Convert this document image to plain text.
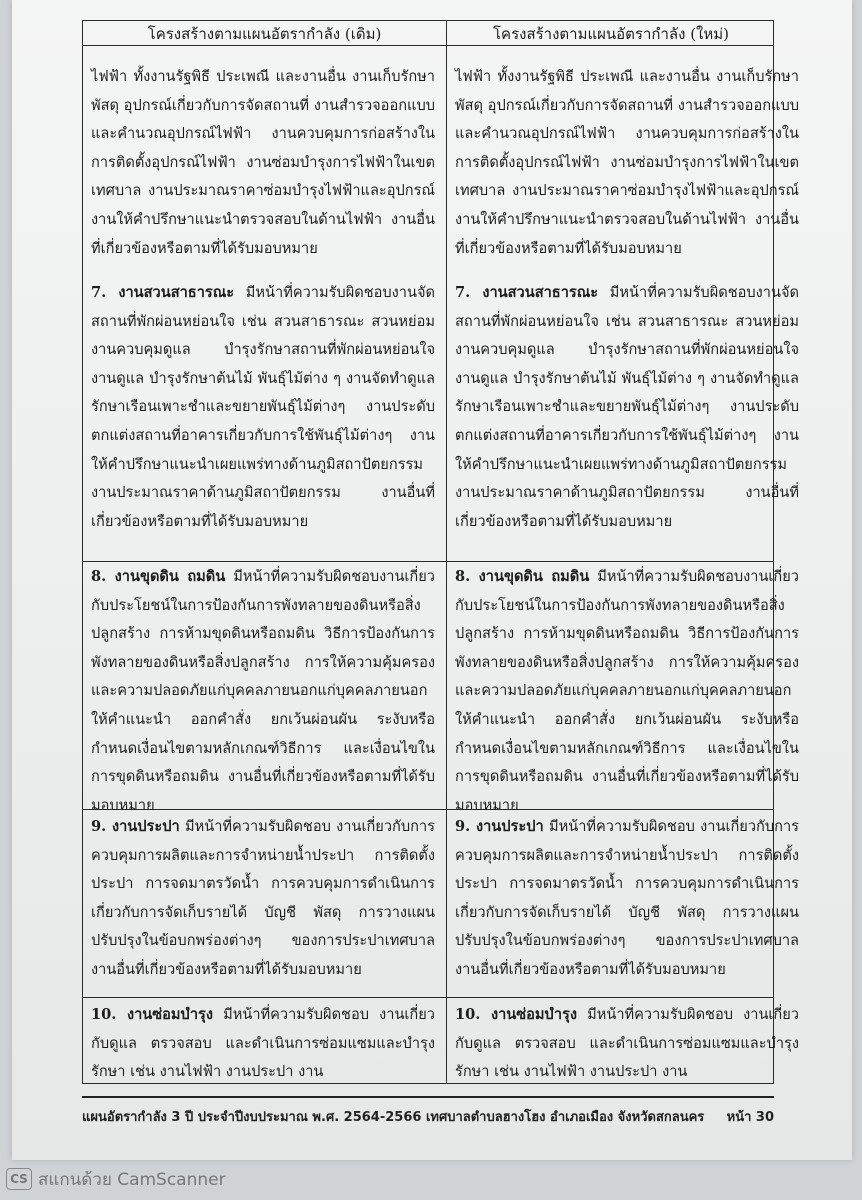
โครงสร้างตามแผนอัตรากำลัง (เดิม)	โครงสร้างตามแผนอัตรากำลัง (ใหม่)
ไฟฟ้า ทั้งงานรัฐพิธี ประเพณี และงานอื่น งานเก็บรักษาพัสดุ อุปกรณ์เกี่ยวกับการจัดสถานที่ งานสำรวจออกแบบและคำนวณอุปกรณ์ไฟฟ้า งานควบคุมการก่อสร้างในการติดตั้งอุปกรณ์ไฟฟ้า งานซ่อมบำรุงการไฟฟ้าในเขตเทศบาล งานประมาณราคาซ่อมบำรุงไฟฟ้าและอุปกรณ์ งานให้คำปรึกษาแนะนำตรวจสอบในด้านไฟฟ้า งานอื่นที่เกี่ยวข้องหรือตามที่ได้รับมอบหมาย
7. งานสวนสาธารณะ มีหน้าที่ความรับผิดชอบงานจัดสถานที่พักผ่อนหย่อนใจ เช่น สวนสาธารณะ สวนหย่อมงานควบคุมดูแล บำรุงรักษาสถานที่พักผ่อนหย่อนใจ งานดูแล บำรุงรักษาต้นไม้ พันธุ์ไม้ต่าง ๆ งานจัดทำดูแลรักษาเรือนเพาะชำและขยายพันธุ์ไม้ต่างๆ งานประดับ ตกแต่งสถานที่อาคารเกี่ยวกับการใช้พันธุ์ไม้ต่างๆ งานให้คำปรึกษาแนะนำเผยแพร่ทางด้านภูมิสถาปัตยกรรม งานประมาณราคาด้านภูมิสถาปัตยกรรม งานอื่นที่เกี่ยวข้องหรือตามที่ได้รับมอบหมาย
8. งานขุดดิน ถมดิน มีหน้าที่ความรับผิดชอบงานเกี่ยวกับประโยชน์ในการป้องกันการพังทลายของดินหรือสิ่งปลูกสร้าง การห้ามขุดดินหรือถมดิน วิธีการป้องกันการพังทลายของดินหรือสิ่งปลูกสร้าง การให้ความคุ้มครองและความปลอดภัยแก่บุคคลภายนอกแก่บุคคลภายนอก ให้คำแนะนำ ออกคำสั่ง ยกเว้นผ่อนผัน ระงับหรือกำหนดเงื่อนไขตามหลักเกณฑ์วิธีการ และเงื่อนไขในการขุดดินหรือถมดิน งานอื่นที่เกี่ยวข้องหรือตามที่ได้รับมอบหมาย
9. งานประปา มีหน้าที่ความรับผิดชอบ งานเกี่ยวกับการควบคุมการผลิตและการจำหน่ายน้ำประปา การติดตั้งประปา การจดมาตรวัดน้ำ การควบคุมการดำเนินการเกี่ยวกับการจัดเก็บรายได้ บัญชี พัสดุ การวางแผนปรับปรุงในข้อบกพร่องต่างๆ ของการประปาเทศบาล งานอื่นที่เกี่ยวข้องหรือตามที่ได้รับมอบหมาย
10. งานซ่อมบำรุง มีหน้าที่ความรับผิดชอบ งานเกี่ยวกับดูแล ตรวจสอบ และดำเนินการซ่อมแซมและบำรุงรักษา เช่น งานไฟฟ้า งานประปา งาน
ไฟฟ้า ทั้งงานรัฐพิธี ประเพณี และงานอื่น งานเก็บรักษาพัสดุ อุปกรณ์เกี่ยวกับการจัดสถานที่ งานสำรวจออกแบบและคำนวณอุปกรณ์ไฟฟ้า งานควบคุมการก่อสร้างในการติดตั้งอุปกรณ์ไฟฟ้า งานซ่อมบำรุงการไฟฟ้าในเขตเทศบาล งานประมาณราคาซ่อมบำรุงไฟฟ้าและอุปกรณ์ งานให้คำปรึกษาแนะนำตรวจสอบในด้านไฟฟ้า งานอื่นที่เกี่ยวข้องหรือตามที่ได้รับมอบหมาย
7. งานสวนสาธารณะ มีหน้าที่ความรับผิดชอบงานจัดสถานที่พักผ่อนหย่อนใจ เช่น สวนสาธารณะ สวนหย่อมงานควบคุมดูแล บำรุงรักษาสถานที่พักผ่อนหย่อนใจ งานดูแล บำรุงรักษาต้นไม้ พันธุ์ไม้ต่าง ๆ งานจัดทำดูแลรักษาเรือนเพาะชำและขยายพันธุ์ไม้ต่างๆ งานประดับ ตกแต่งสถานที่อาคารเกี่ยวกับการใช้พันธุ์ไม้ต่างๆ งานให้คำปรึกษาแนะนำเผยแพร่ทางด้านภูมิสถาปัตยกรรม งานประมาณราคาด้านภูมิสถาปัตยกรรม งานอื่นที่เกี่ยวข้องหรือตามที่ได้รับมอบหมาย
8. งานขุดดิน ถมดิน มีหน้าที่ความรับผิดชอบงานเกี่ยวกับประโยชน์ในการป้องกันการพังทลายของดินหรือสิ่งปลูกสร้าง การห้ามขุดดินหรือถมดิน วิธีการป้องกันการพังทลายของดินหรือสิ่งปลูกสร้าง การให้ความคุ้มครองและความปลอดภัยแก่บุคคลภายนอกแก่บุคคลภายนอก ให้คำแนะนำ ออกคำสั่ง ยกเว้นผ่อนผัน ระงับหรือกำหนดเงื่อนไขตามหลักเกณฑ์วิธีการ และเงื่อนไขในการขุดดินหรือถมดิน งานอื่นที่เกี่ยวข้องหรือตามที่ได้รับมอบหมาย
9. งานประปา มีหน้าที่ความรับผิดชอบ งานเกี่ยวกับการควบคุมการผลิตและการจำหน่ายน้ำประปา การติดตั้งประปา การจดมาตรวัดน้ำ การควบคุมการดำเนินการเกี่ยวกับการจัดเก็บรายได้ บัญชี พัสดุ การวางแผนปรับปรุงในข้อบกพร่องต่างๆ ของการประปาเทศบาล งานอื่นที่เกี่ยวข้องหรือตามที่ได้รับมอบหมาย
10. งานซ่อมบำรุง มีหน้าที่ความรับผิดชอบ งานเกี่ยวกับดูแล ตรวจสอบ และดำเนินการซ่อมแซมและบำรุงรักษา เช่น งานไฟฟ้า งานประปา งาน
แผนอัตรากำลัง 3 ปี ประจำปีงบประมาณ พ.ศ. 2564-2566 เทศบาลตำบลฮางโฮง อำเภอเมือง จังหวัดสกลนคร หน้า 30
CS สแกนด้วย CamScanner
